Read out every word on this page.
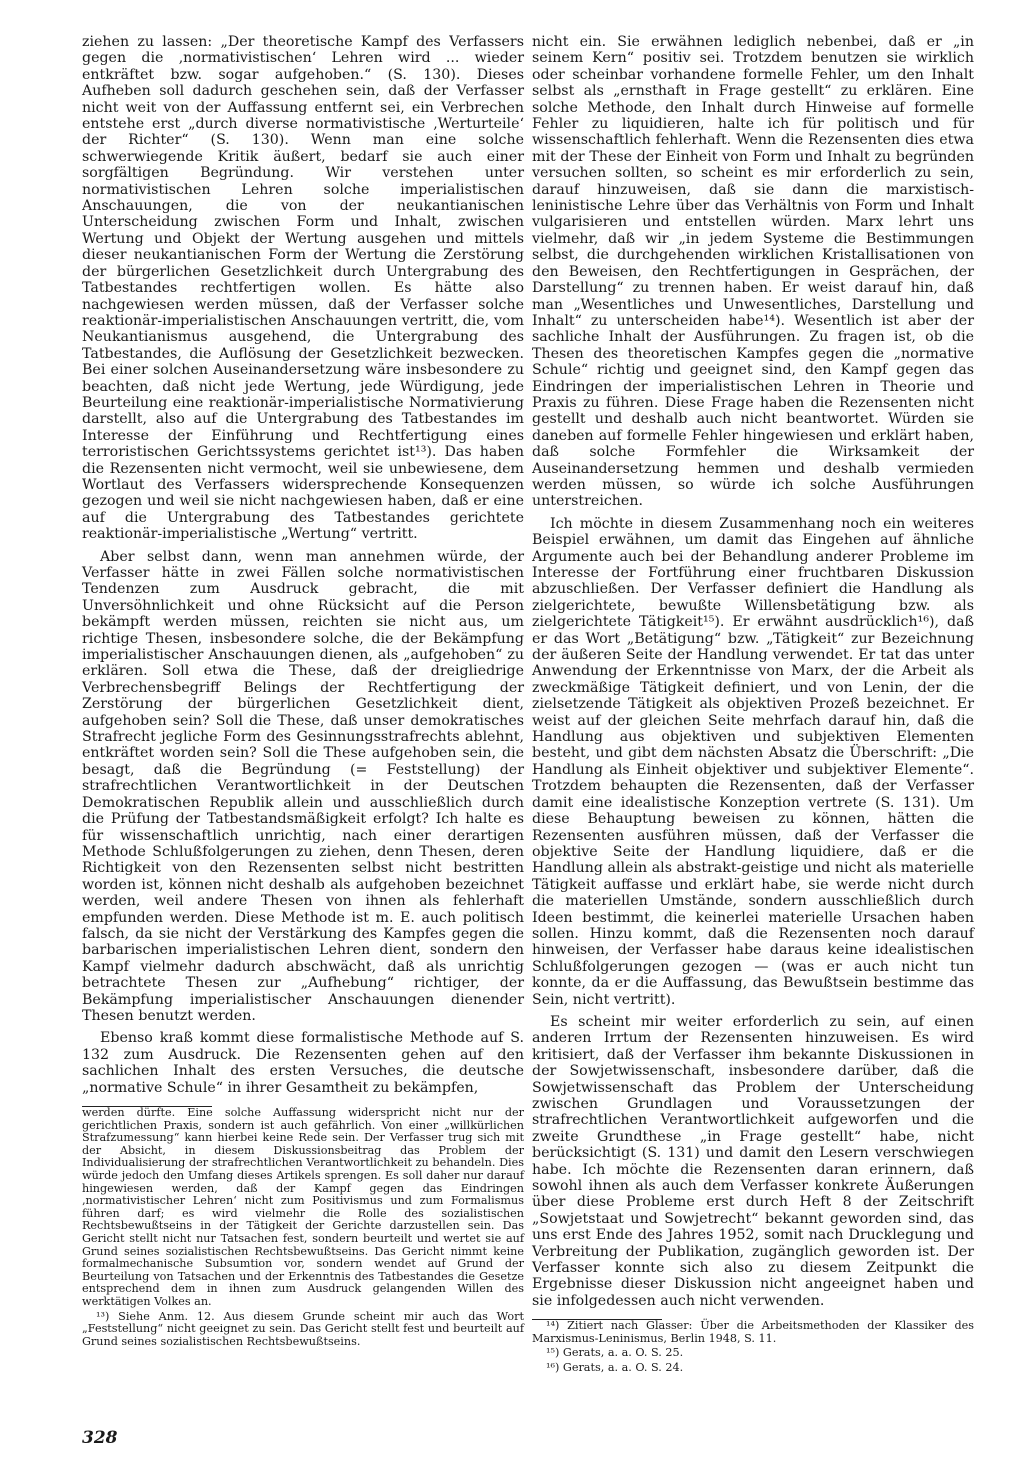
ziehen zu lassen: „Der theoretische Kampf des Verfassers gegen die ‚normativistischen‘ Lehren wird ... wieder entkräftet bzw. sogar aufgehoben.“ (S. 130). Dieses Aufheben soll dadurch geschehen sein, daß der Verfasser nicht weit von der Auffassung entfernt sei, ein Verbrechen entstehe erst „durch diverse normativistische ‚Werturteile‘ der Richter“ (S. 130). Wenn man eine solche schwerwiegende Kritik äußert, bedarf sie auch einer sorgfältigen Begründung. Wir verstehen unter normativistischen Lehren solche imperialistischen Anschauungen, die von der neukantianischen Unterscheidung zwischen Form und Inhalt, zwischen Wertung und Objekt der Wertung ausgehen und mittels dieser neukantianischen Form der Wertung die Zerstörung der bürgerlichen Gesetzlichkeit durch Untergrabung des Tatbestandes rechtfertigen wollen. Es hätte also nachgewiesen werden müssen, daß der Verfasser solche reaktionär-imperialistischen Anschauungen vertritt, die, vom Neukantianismus ausgehend, die Untergrabung des Tatbestandes, die Auflösung der Gesetzlichkeit bezwecken. Bei einer solchen Auseinandersetzung wäre insbesondere zu beachten, daß nicht jede Wertung, jede Würdigung, jede Beurteilung eine reaktionär-imperialistische Normativierung darstellt, also auf die Untergrabung des Tatbestandes im Interesse der Einführung und Rechtfertigung eines terroristischen Gerichtssystems gerichtet ist¹³). Das haben die Rezensenten nicht vermocht, weil sie unbewiesene, dem Wortlaut des Verfassers widersprechende Konsequenzen gezogen und weil sie nicht nachgewiesen haben, daß er eine auf die Untergrabung des Tatbestandes gerichtete reaktionär-imperialistische „Wertung“ vertritt.

Aber selbst dann, wenn man annehmen würde, der Verfasser hätte in zwei Fällen solche normativistischen Tendenzen zum Ausdruck gebracht, die mit Unversöhnlichkeit und ohne Rücksicht auf die Person bekämpft werden müssen, reichten sie nicht aus, um richtige Thesen, insbesondere solche, die der Bekämpfung imperialistischer Anschauungen dienen, als „aufgehoben“ zu erklären. Soll etwa die These, daß der dreigliedrige Verbrechensbegriff Belings der Rechtfertigung der Zerstörung der bürgerlichen Gesetzlichkeit dient, aufgehoben sein? Soll die These, daß unser demokratisches Strafrecht jegliche Form des Gesinnungsstrafrechts ablehnt, entkräftet worden sein? Soll die These aufgehoben sein, die besagt, daß die Begründung (= Feststellung) der strafrechtlichen Verantwortlichkeit in der Deutschen Demokratischen Republik allein und ausschließlich durch die Prüfung der Tatbestandsmäßigkeit erfolgt? Ich halte es für wissenschaftlich unrichtig, nach einer derartigen Methode Schlußfolgerungen zu ziehen, denn Thesen, deren Richtigkeit von den Rezensenten selbst nicht bestritten worden ist, können nicht deshalb als aufgehoben bezeichnet werden, weil andere Thesen von ihnen als fehlerhaft empfunden werden. Diese Methode ist m. E. auch politisch falsch, da sie nicht der Verstärkung des Kampfes gegen die barbarischen imperialistischen Lehren dient, sondern den Kampf vielmehr dadurch abschwächt, daß als unrichtig betrachtete Thesen zur „Aufhebung“ richtiger, der Bekämpfung imperialistischer Anschauungen dienender Thesen benutzt werden.

Ebenso kraß kommt diese formalistische Methode auf S. 132 zum Ausdruck. Die Rezensenten gehen auf den sachlichen Inhalt des ersten Versuches, die deutsche „normative Schule“ in ihrer Gesamtheit zu bekämpfen,

werden dürfte. Eine solche Auffassung widerspricht nicht nur der gerichtlichen Praxis, sondern ist auch gefährlich. Von einer „willkürlichen Strafzumessung“ kann hierbei keine Rede sein. Der Verfasser trug sich mit der Absicht, in diesem Diskussionsbeitrag das Problem der Individualisierung der strafrechtlichen Verantwortlichkeit zu behandeln. Dies würde jedoch den Umfang dieses Artikels sprengen. Es soll daher nur darauf hingewiesen werden, daß der Kampf gegen das Eindringen ‚normativistischer Lehren‘ nicht zum Positivismus und zum Formalismus führen darf; es wird vielmehr die Rolle des sozialistischen Rechtsbewußtseins in der Tätigkeit der Gerichte darzustellen sein. Das Gericht stellt nicht nur Tatsachen fest, sondern beurteilt und wertet sie auf Grund seines sozialistischen Rechtsbewußtseins. Das Gericht nimmt keine formalmechanische Subsumtion vor, sondern wendet auf Grund der Beurteilung von Tatsachen und der Erkenntnis des Tatbestandes die Gesetze entsprechend dem in ihnen zum Ausdruck gelangenden Willen des werktätigen Volkes an.

¹³) Siehe Anm. 12. Aus diesem Grunde scheint mir auch das Wort „Feststellung“ nicht geeignet zu sein. Das Gericht stellt fest und beurteilt auf Grund seines sozialistischen Rechtsbewußtseins.

nicht ein. Sie erwähnen lediglich nebenbei, daß er „in seinem Kern“ positiv sei. Trotzdem benutzen sie wirklich oder scheinbar vorhandene formelle Fehler, um den Inhalt selbst als „ernsthaft in Frage gestellt“ zu erklären. Eine solche Methode, den Inhalt durch Hinweise auf formelle Fehler zu liquidieren, halte ich für politisch und für wissenschaftlich fehlerhaft. Wenn die Rezensenten dies etwa mit der These der Einheit von Form und Inhalt zu begründen versuchen sollten, so scheint es mir erforderlich zu sein, darauf hinzuweisen, daß sie dann die marxistisch-leninistische Lehre über das Verhältnis von Form und Inhalt vulgarisieren und entstellen würden. Marx lehrt uns vielmehr, daß wir „in jedem Systeme die Bestimmungen selbst, die durchgehenden wirklichen Kristallisationen von den Beweisen, den Rechtfertigungen in Gesprächen, der Darstellung“ zu trennen haben. Er weist darauf hin, daß man „Wesentliches und Unwesentliches, Darstellung und Inhalt“ zu unterscheiden habe¹⁴). Wesentlich ist aber der sachliche Inhalt der Ausführungen. Zu fragen ist, ob die Thesen des theoretischen Kampfes gegen die „normative Schule“ richtig und geeignet sind, den Kampf gegen das Eindringen der imperialistischen Lehren in Theorie und Praxis zu führen. Diese Frage haben die Rezensenten nicht gestellt und deshalb auch nicht beantwortet. Würden sie daneben auf formelle Fehler hingewiesen und erklärt haben, daß solche Formfehler die Wirksamkeit der Auseinandersetzung hemmen und deshalb vermieden werden müssen, so würde ich solche Ausführungen unterstreichen.

Ich möchte in diesem Zusammenhang noch ein weiteres Beispiel erwähnen, um damit das Eingehen auf ähnliche Argumente auch bei der Behandlung anderer Probleme im Interesse der Fortführung einer fruchtbaren Diskussion abzuschließen. Der Verfasser definiert die Handlung als zielgerichtete, bewußte Willensbetätigung bzw. als zielgerichtete Tätigkeit¹⁵). Er erwähnt ausdrücklich¹⁶), daß er das Wort „Betätigung“ bzw. „Tätigkeit“ zur Bezeichnung der äußeren Seite der Handlung verwendet. Er tat das unter Anwendung der Erkenntnisse von Marx, der die Arbeit als zweckmäßige Tätigkeit definiert, und von Lenin, der die zielsetzende Tätigkeit als objektiven Prozeß bezeichnet. Er weist auf der gleichen Seite mehrfach darauf hin, daß die Handlung aus objektiven und subjektiven Elementen besteht, und gibt dem nächsten Absatz die Überschrift: „Die Handlung als Einheit objektiver und subjektiver Elemente“. Trotzdem behaupten die Rezensenten, daß der Verfasser damit eine idealistische Konzeption vertrete (S. 131). Um diese Behauptung beweisen zu können, hätten die Rezensenten ausführen müssen, daß der Verfasser die objektive Seite der Handlung liquidiere, daß er die Handlung allein als abstrakt-geistige und nicht als materielle Tätigkeit auffasse und erklärt habe, sie werde nicht durch die materiellen Umstände, sondern ausschließlich durch Ideen bestimmt, die keinerlei materielle Ursachen haben sollen. Hinzu kommt, daß die Rezensenten noch darauf hinweisen, der Verfasser habe daraus keine idealistischen Schlußfolgerungen gezogen — (was er auch nicht tun konnte, da er die Auffassung, das Bewußtsein bestimme das Sein, nicht vertritt).

Es scheint mir weiter erforderlich zu sein, auf einen anderen Irrtum der Rezensenten hinzuweisen. Es wird kritisiert, daß der Verfasser ihm bekannte Diskussionen in der Sowjetwissenschaft, insbesondere darüber, daß die Sowjetwissenschaft das Problem der Unterscheidung zwischen Grundlagen und Voraussetzungen der strafrechtlichen Verantwortlichkeit aufgeworfen und die zweite Grundthese „in Frage gestellt“ habe, nicht berücksichtigt (S. 131) und damit den Lesern verschwiegen habe. Ich möchte die Rezensenten daran erinnern, daß sowohl ihnen als auch dem Verfasser konkrete Äußerungen über diese Probleme erst durch Heft 8 der Zeitschrift „Sowjetstaat und Sowjetrecht“ bekannt geworden sind, das uns erst Ende des Jahres 1952, somit nach Drucklegung und Verbreitung der Publikation, zugänglich geworden ist. Der Verfasser konnte sich also zu diesem Zeitpunkt die Ergebnisse dieser Diskussion nicht angeeignet haben und sie infolgedessen auch nicht verwenden.

¹⁴) Zitiert nach Glasser: Über die Arbeitsmethoden der Klassiker des Marxismus-Leninismus, Berlin 1948, S. 11.

¹⁵) Gerats, a. a. O. S. 25.

¹⁶) Gerats, a. a. O. S. 24.

328
